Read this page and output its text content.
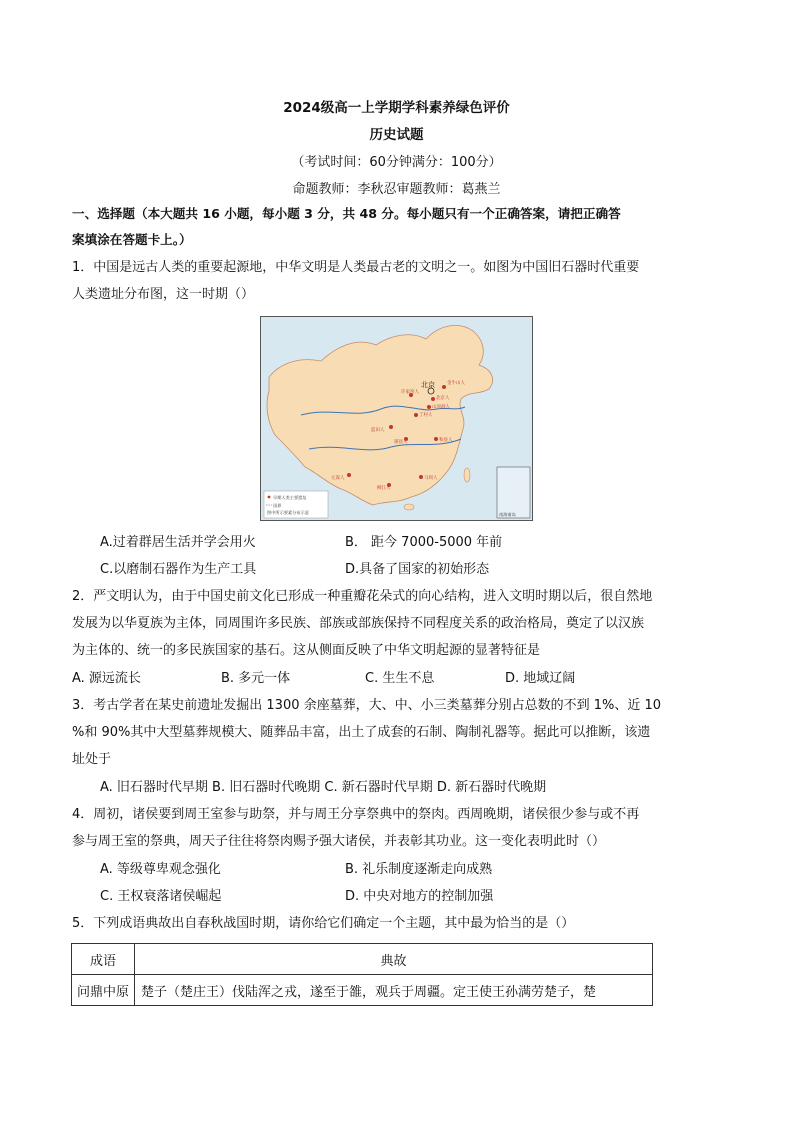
2024级高一上学期学科素养绿色评价
历史试题
（考试时间：60分钟满分：100分）
命题教师：李秋忍审题教师：葛燕兰
一、选择题（本大题共 16 小题，每小题 3 分，共 48 分。每小题只有一个正确答案，请把正确答
案填涂在答题卡上。）
1．中国是远古人类的重要起源地，中华文明是人类最古老的文明之一。如图为中国旧石器时代重要
人类遗址分布图，这一时期（）
北京	金牛山人
北京人
山顶洞人
丁村人
蓝田人
许家窑人
郧县人	和县人
元谋人	马坝人
柳江人
早期人类主要遗址
国界
图中所示要素分布示意	南海诸岛
A.过着群居生活并学会用火	B． 距今 7000-5000 年前
C.以磨制石器作为生产工具	D.具备了国家的初始形态
2．严文明认为，由于中国史前文化已形成一种重瓣花朵式的向心结构，进入文明时期以后，很自然地
发展为以华夏族为主体，同周围许多民族、部族或部族保持不同程度关系的政治格局，奠定了以汉族
为主体的、统一的多民族国家的基石。这从侧面反映了中华文明起源的显著特征是
A. 源远流长	B. 多元一体	C. 生生不息	D. 地域辽阔
3．考古学者在某史前遗址发掘出 1300 余座墓葬，大、中、小三类墓葬分别占总数的不到 1%、近 10
%和 90%其中大型墓葬规模大、随葬品丰富，出土了成套的石制、陶制礼器等。据此可以推断，该遗
址处于
A. 旧石器时代早期 B. 旧石器时代晚期 C. 新石器时代早期 D. 新石器时代晚期
4．周初，诸侯要到周王室参与助祭，并与周王分享祭典中的祭肉。西周晚期，诸侯很少参与或不再
参与周王室的祭典，周天子往往将祭肉赐予强大诸侯，并表彰其功业。这一变化表明此时（）
A. 等级尊卑观念强化	B. 礼乐制度逐渐走向成熟
C. 王权衰落诸侯崛起	D. 中央对地方的控制加强
5．下列成语典故出自春秋战国时期，请你给它们确定一个主题，其中最为恰当的是（）
成语	典故
问鼎中原	楚子（楚庄王）伐陆浑之戎，遂至于雒，观兵于周疆。定王使王孙满劳楚子，楚
